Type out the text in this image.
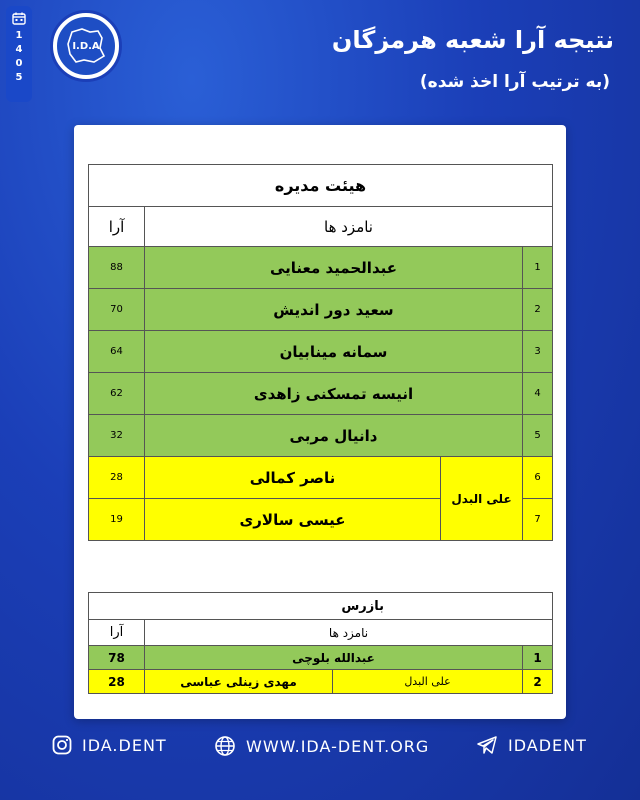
1
4
0
5
I.D.A	نتیجه آرا شعبه هرمزگان
(به ترتیب آرا اخذ شده)
هیئت مدیره			
نامزد ها			آرا
1	عبدالحمید معنایی		88
2	سعید دور اندیش		70
3	سمانه مینابیان		64
4	انیسه تمسکنی زاهدی		62
5	دانیال مربی		32
6	علی البدل	ناصر کمالی	28
7		عیسی سالاری	19
بازرس			
نامزد ها			آرا
1	عبدالله بلوچی		78
2	علی البدل	مهدی زینلی عباسی	28
IDA.DENT	WWW.IDA-DENT.ORG	IDADENT
